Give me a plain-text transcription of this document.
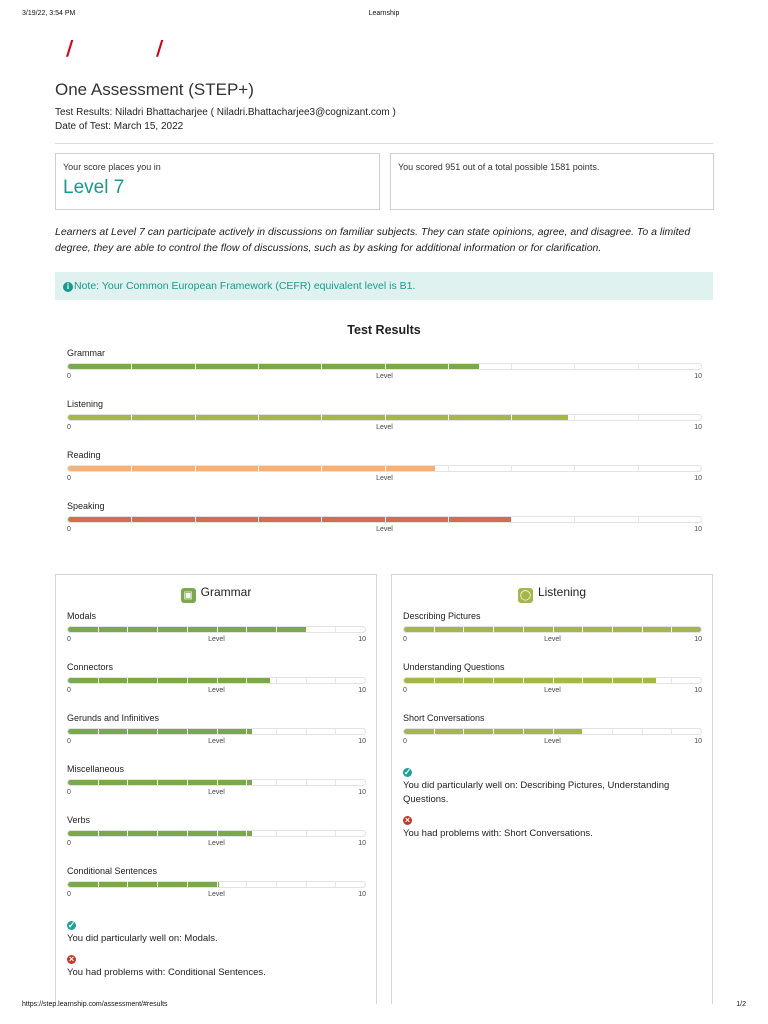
3/19/22, 3:54 PM	Learnship
/	/
One Assessment (STEP+)
Test Results: Niladri Bhattacharjee ( Niladri.Bhattacharjee3@cognizant.com )
Date of Test: March 15, 2022
Your score places you in
Level 7
You scored 951 out of a total possible 1581 points.

Learners at Level 7 can participate actively in discussions on familiar subjects. They can state opinions, agree, and disagree. To a limited degree, they are able to control the flow of discussions, such as by asking for additional information or for clarification.

i Note: Your Common European Framework (CEFR) equivalent level is B1.
Test Results
Grammar
0	Level	10
Listening
0	Level	10
Reading
0	Level	10
Speaking
0	Level	10
▣ Grammar
Modals
0	Level	10
Connectors
0	Level	10
Gerunds and Infinitives
0	Level	10
Miscellaneous
0	Level	10
Verbs
0	Level	10
Conditional Sentences
0	Level	10
✓
You did particularly well on: Modals.
×
You had problems with: Conditional Sentences.
◯ Listening
Describing Pictures
0	Level	10
Understanding Questions
0	Level	10
Short Conversations
0	Level	10
✓
You did particularly well on: Describing Pictures, Understanding Questions.
×
You had problems with: Short Conversations.
https://step.learnship.com/assessment/#results	1/2
